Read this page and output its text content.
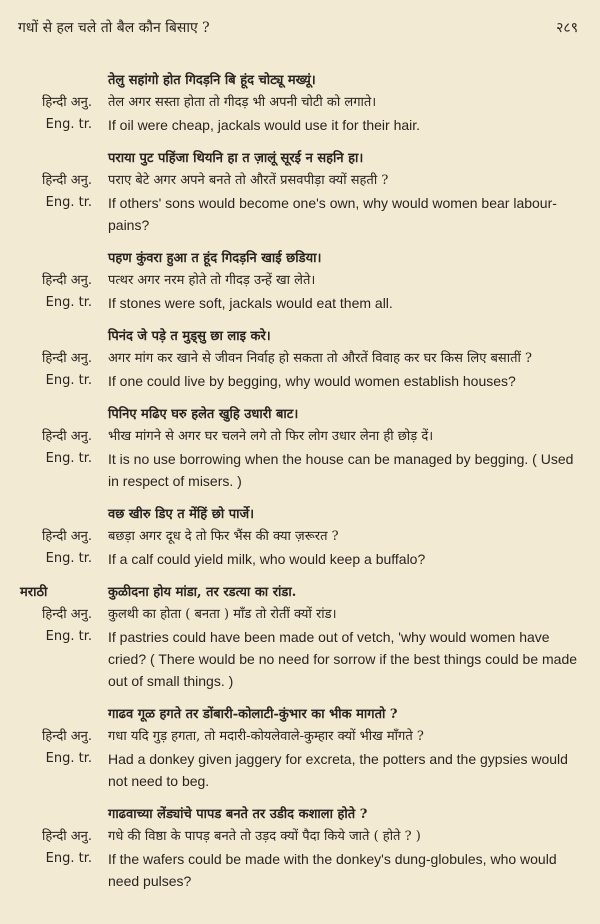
गधों से हल चले तो बैल कौन बिसाए ?	२८९
तेलु सहांगो होत गिदड़नि बि हूंद चोट्यू मख्यूं।
हिन्दी अनु. तेल अगर सस्ता होता तो गीदड़ भी अपनी चोटी को लगाते।
Eng. tr. If oil were cheap, jackals would use it for their hair.
पराया पुट पहिंजा थियनि हा त ज़ालूं सूरई न सहनि हा।
हिन्दी अनु. पराए बेटे अगर अपने बनते तो औरतें प्रसवपीड़ा क्यों सहती ?
Eng. tr. If others' sons would become one's own, why would women bear labour-pains?
पहण कुंवरा हुआ त हूंद गिदड़नि खाई छडिया।
हिन्दी अनु. पत्थर अगर नरम होते तो गीदड़ उन्हें खा लेते।
Eng. tr. If stones were soft, jackals would eat them all.
पिनंद जे पड़े त मुड्सु छा लाइ करे।
हिन्दी अनु. अगर मांग कर खाने से जीवन निर्वाह हो सकता तो औरतें विवाह कर घर किस लिए बसातीं ?
Eng. tr. If one could live by begging, why would women establish houses?
पिनिए मढिए घरु हलेत खुहि उधारी बाट।
हिन्दी अनु. भीख मांगने से अगर घर चलने लगे तो फिर लोग उधार लेना ही छोड़ दें।
Eng. tr. It is no use borrowing when the house can be managed by begging. ( Used in respect of misers. )
वछ खीरु डिए त मेंहिं छो पार्जे।
हिन्दी अनु. बछड़ा अगर दूध दे तो फिर भैंस की क्या ज़रूरत ?
Eng. tr. If a calf could yield milk, who would keep a buffalo?
मराठी	कुळीदना होय मांडा, तर रडत्या का रांडा.
हिन्दी अनु. कुलथी का होता ( बनता ) माँड तो रोतीं क्यों रांड।
Eng. tr. If pastries could have been made out of vetch, 'why would women have cried? ( There would be no need for sorrow if the best things could be made out of small things. )
गाढव गूळ हगते तर डोंबारी-कोलाटी-कुंभार का भीक मागतो ?
हिन्दी अनु. गधा यदि गुड़ हगता, तो मदारी-कोयलेवाले-कुम्हार क्यों भीख माँगते ?
Eng. tr. Had a donkey given jaggery for excreta, the potters and the gypsies would not need to beg.
गाढवाच्या लेंड्यांचे पापड बनते तर उडीद कशाला होते ?
हिन्दी अनु. गधे की विष्ठा के पापड़ बनते तो उड़द क्यों पैदा किये जाते ( होते ? )
Eng. tr. If the wafers could be made with the donkey's dung-globules, who would need pulses?
